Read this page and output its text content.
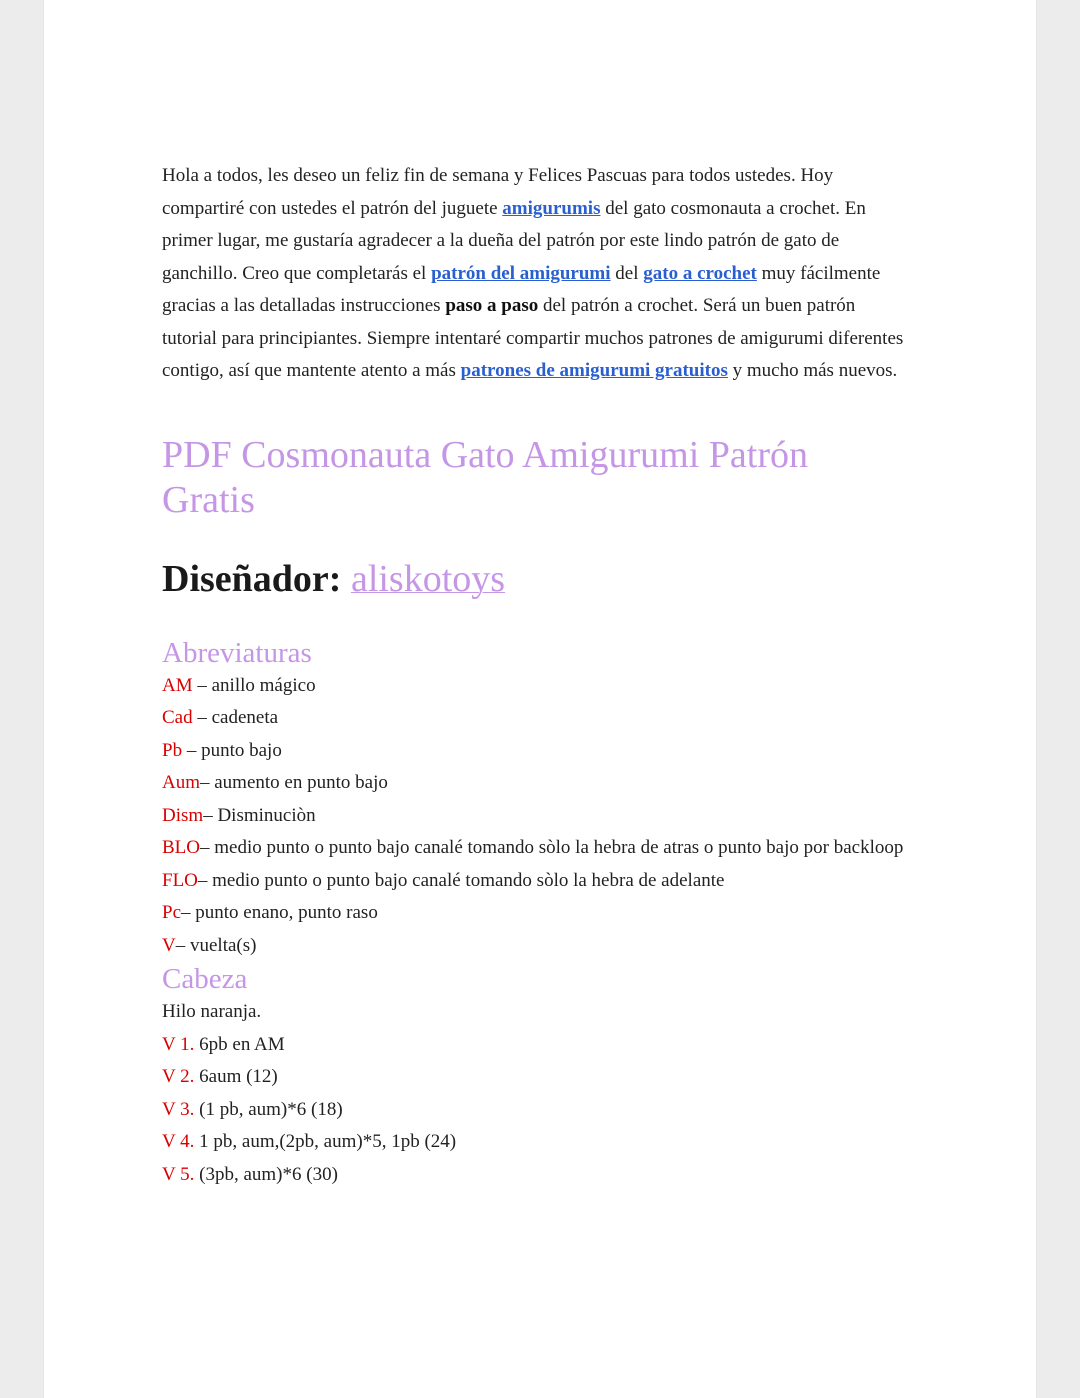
Hola a todos, les deseo un feliz fin de semana y Felices Pascuas para todos ustedes. Hoy compartiré con ustedes el patrón del juguete amigurumis del gato cosmonauta a crochet. En primer lugar, me gustaría agradecer a la dueña del patrón por este lindo patrón de gato de ganchillo. Creo que completarás el patrón del amigurumi del gato a crochet muy fácilmente gracias a las detalladas instrucciones paso a paso del patrón a crochet. Será un buen patrón tutorial para principiantes. Siempre intentaré compartir muchos patrones de amigurumi diferentes contigo, así que mantente atento a más patrones de amigurumi gratuitos y mucho más nuevos.

PDF Cosmonauta Gato Amigurumi Patrón Gratis
Diseñador: aliskotoys
Abreviaturas

AM – anillo mágico

Cad – cadeneta

Pb – punto bajo

Aum– aumento en punto bajo

Dism– Disminuciòn

BLO– medio punto o punto bajo canalé tomando sòlo la hebra de atras o punto bajo por backloop

FLO– medio punto o punto bajo canalé tomando sòlo la hebra de adelante

Pc– punto enano, punto raso

V– vuelta(s)

Cabeza

Hilo naranja.

V 1. 6pb en AM

V 2. 6aum (12)

V 3. (1 pb, aum)*6 (18)

V 4. 1 pb, aum,(2pb, aum)*5, 1pb (24)

V 5. (3pb, aum)*6 (30)
